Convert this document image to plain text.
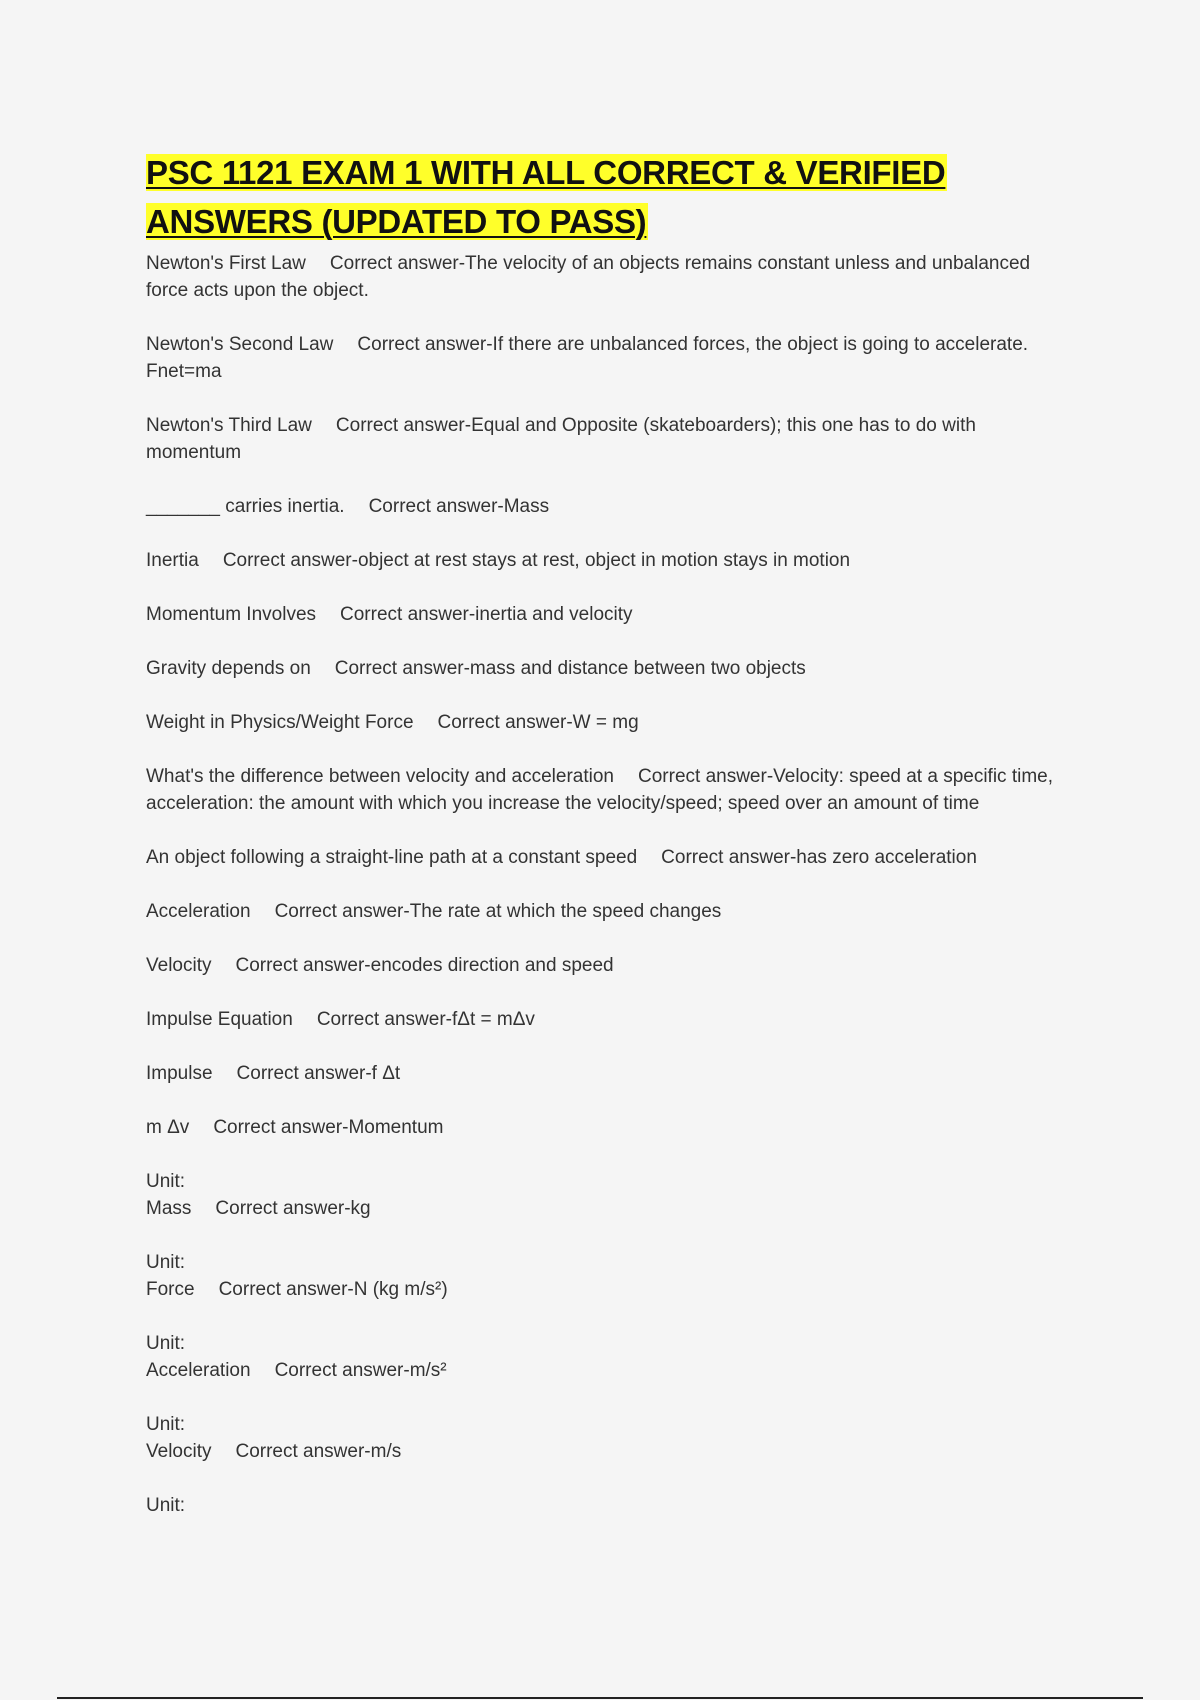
PSC 1121 EXAM 1 WITH ALL CORRECT & VERIFIED
ANSWERS (UPDATED TO PASS)

Newton's First Law Correct answer-The velocity of an objects remains constant unless and unbalanced force acts upon the object.

Newton's Second Law Correct answer-If there are unbalanced forces, the object is going to accelerate. Fnet=ma

Newton's Third Law Correct answer-Equal and Opposite (skateboarders); this one has to do with momentum

_______ carries inertia. Correct answer-Mass

Inertia Correct answer-object at rest stays at rest, object in motion stays in motion

Momentum Involves Correct answer-inertia and velocity

Gravity depends on Correct answer-mass and distance between two objects

Weight in Physics/Weight Force Correct answer-W = mg

What's the difference between velocity and acceleration Correct answer-Velocity: speed at a specific time,
acceleration: the amount with which you increase the velocity/speed; speed over an amount of time

An object following a straight-line path at a constant speed Correct answer-has zero acceleration

Acceleration Correct answer-The rate at which the speed changes

Velocity Correct answer-encodes direction and speed

Impulse Equation Correct answer-fΔt = mΔv

Impulse Correct answer-f Δt

m Δv Correct answer-Momentum

Unit:
Mass Correct answer-kg

Unit:
Force Correct answer-N (kg m/s²)

Unit:
Acceleration Correct answer-m/s²

Unit:
Velocity Correct answer-m/s

Unit:
